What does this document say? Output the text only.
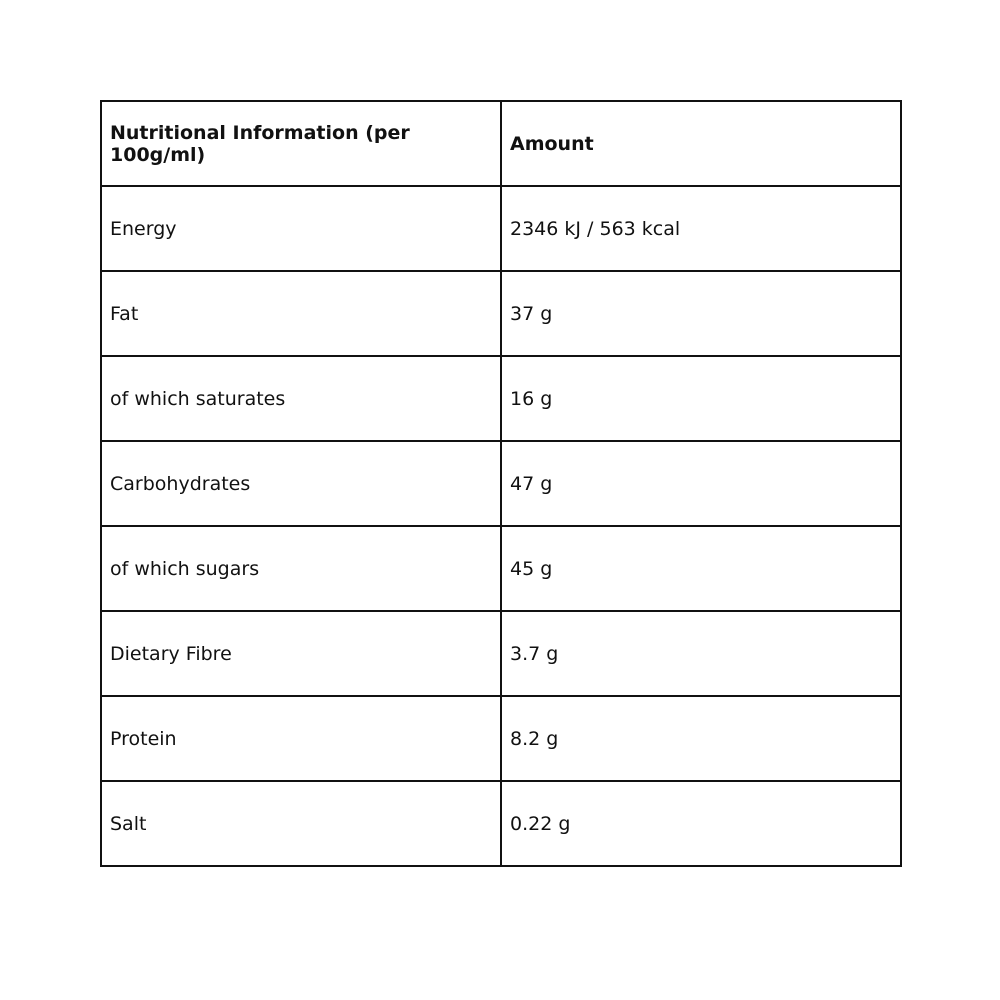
Nutritional Information (per 100g/ml)	Amount
Energy	2346 kJ / 563 kcal
Fat	37 g
of which saturates	16 g
Carbohydrates	47 g
of which sugars	45 g
Dietary Fibre	3.7 g
Protein	8.2 g
Salt	0.22 g
